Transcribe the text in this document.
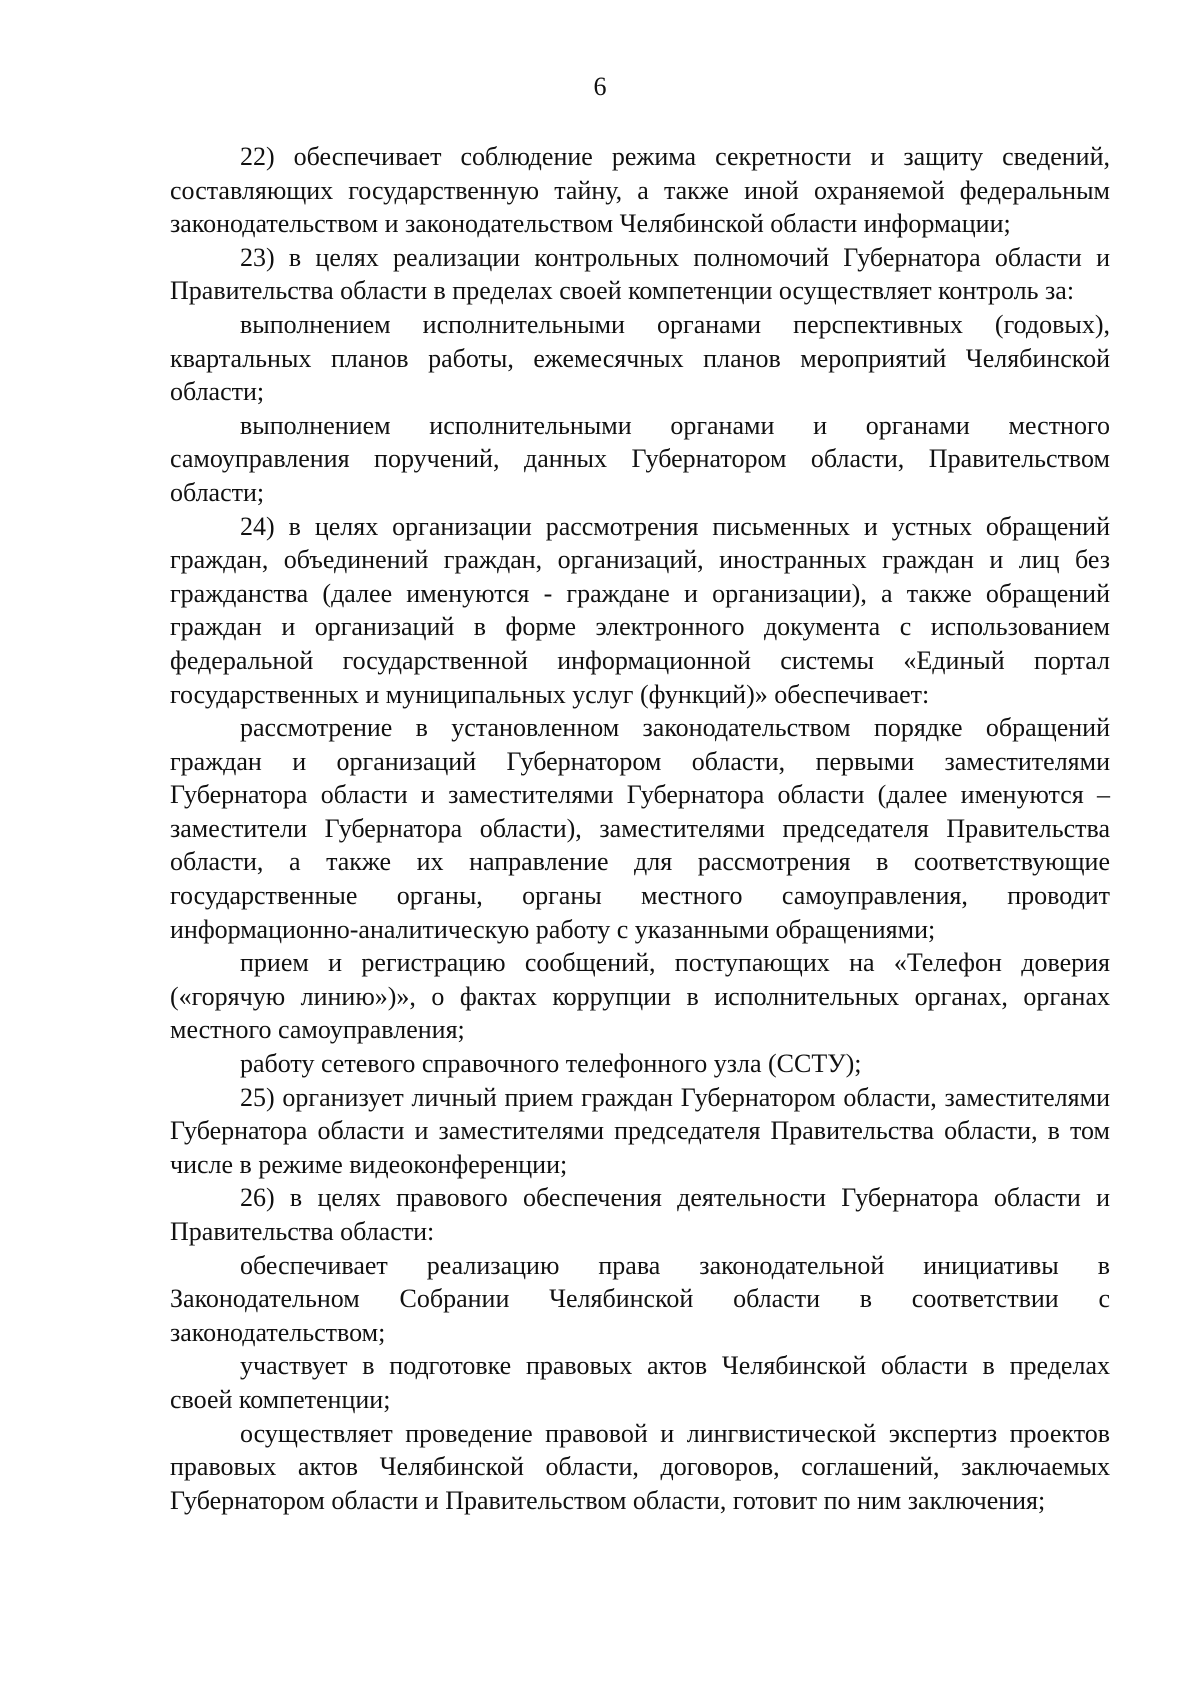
6

22) обеспечивает соблюдение режима секретности и защиту сведений, составляющих государственную тайну, а также иной охраняемой федеральным законодательством и законодательством Челябинской области информации;

23) в целях реализации контрольных полномочий Губернатора области и Правительства области в пределах своей компетенции осуществляет контроль за:

выполнением исполнительными органами перспективных (годовых), квартальных планов работы, ежемесячных планов мероприятий Челябинской области;

выполнением исполнительными органами и органами местного самоуправления поручений, данных Губернатором области, Правительством области;

24) в целях организации рассмотрения письменных и устных обращений граждан, объединений граждан, организаций, иностранных граждан и лиц без гражданства (далее именуются - граждане и организации), а также обращений граждан и организаций в форме электронного документа с использованием федеральной государственной информационной системы «Единый портал государственных и муниципальных услуг (функций)» обеспечивает:

рассмотрение в установленном законодательством порядке обращений граждан и организаций Губернатором области, первыми заместителями Губернатора области и заместителями Губернатора области (далее именуются – заместители Губернатора области), заместителями председателя Правительства области, а также их направление для рассмотрения в соответствующие государственные органы, органы местного самоуправления, проводит информационно-аналитическую работу с указанными обращениями;

прием и регистрацию сообщений, поступающих на «Телефон доверия («горячую линию»)», о фактах коррупции в исполнительных органах, органах местного самоуправления;

работу сетевого справочного телефонного узла (ССТУ);

25) организует личный прием граждан Губернатором области, заместителями Губернатора области и заместителями председателя Правительства области, в том числе в режиме видеоконференции;

26) в целях правового обеспечения деятельности Губернатора области и Правительства области:

обеспечивает реализацию права законодательной инициативы в Законодательном Собрании Челябинской области в соответствии с законодательством;

участвует в подготовке правовых актов Челябинской области в пределах своей компетенции;

осуществляет проведение правовой и лингвистической экспертиз проектов правовых актов Челябинской области, договоров, соглашений, заключаемых Губернатором области и Правительством области, готовит по ним заключения;
